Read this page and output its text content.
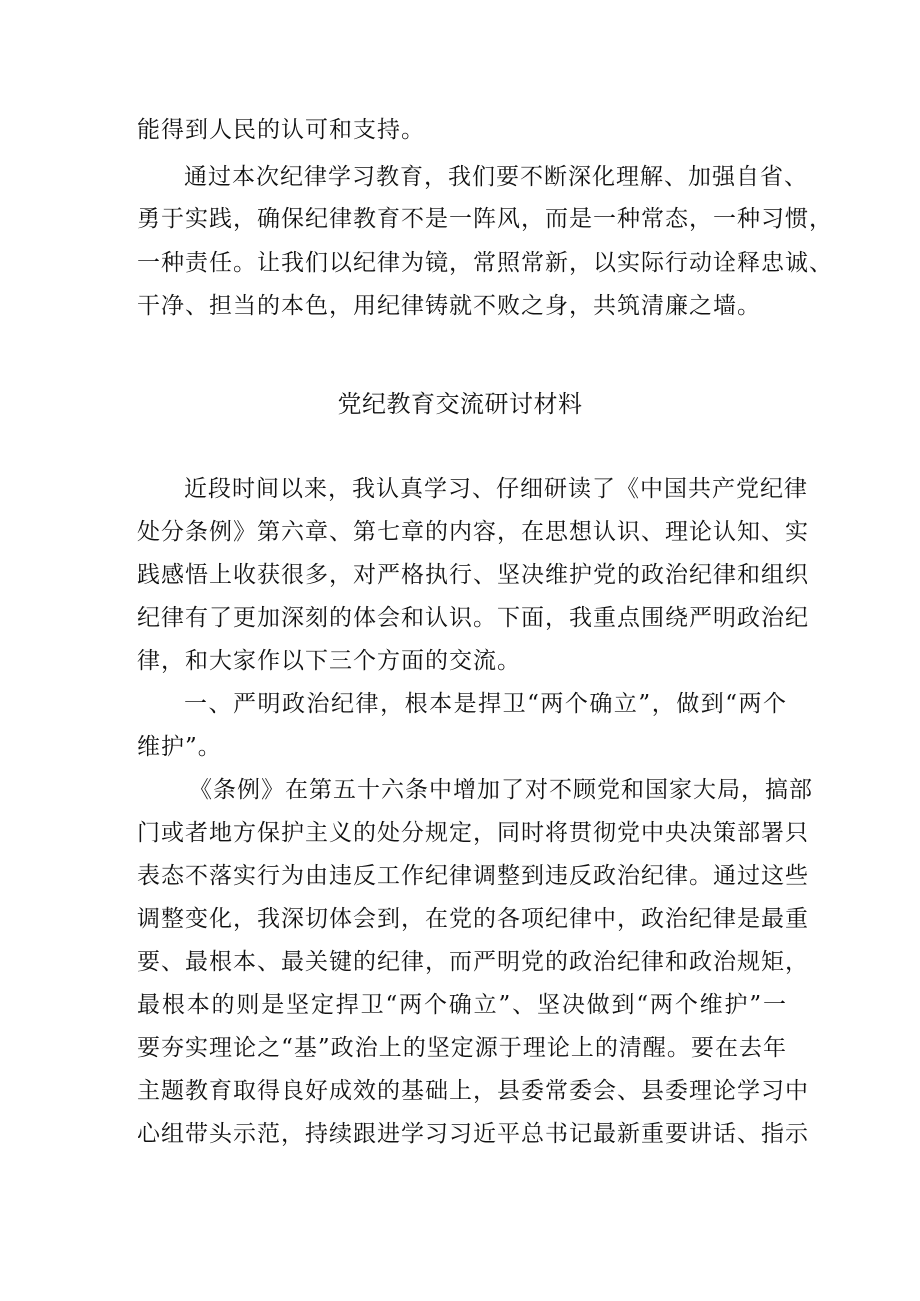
能得到人民的认可和支持。
通过本次纪律学习教育，我们要不断深化理解、加强自省、
勇于实践，确保纪律教育不是一阵风，而是一种常态，一种习惯，
一种责任。让我们以纪律为镜，常照常新，以实际行动诠释忠诚、
干净、担当的本色，用纪律铸就不败之身，共筑清廉之墙。
党纪教育交流研讨材料
近段时间以来，我认真学习、仔细研读了《中国共产党纪律
处分条例》第六章、第七章的内容，在思想认识、理论认知、实
践感悟上收获很多，对严格执行、坚决维护党的政治纪律和组织
纪律有了更加深刻的体会和认识。下面，我重点围绕严明政治纪
律，和大家作以下三个方面的交流。
一、严明政治纪律，根本是捍卫“两个确立”，做到“两个
维护”。
《条例》在第五十六条中增加了对不顾党和国家大局，搞部
门或者地方保护主义的处分规定，同时将贯彻党中央决策部署只
表态不落实行为由违反工作纪律调整到违反政治纪律。通过这些
调整变化，我深切体会到，在党的各项纪律中，政治纪律是最重
要、最根本、最关键的纪律，而严明党的政治纪律和政治规矩，
最根本的则是坚定捍卫“两个确立”、坚决做到“两个维护”一
要夯实理论之“基”政治上的坚定源于理论上的清醒。要在去年
主题教育取得良好成效的基础上，县委常委会、县委理论学习中
心组带头示范，持续跟进学习习近平总书记最新重要讲话、指示
